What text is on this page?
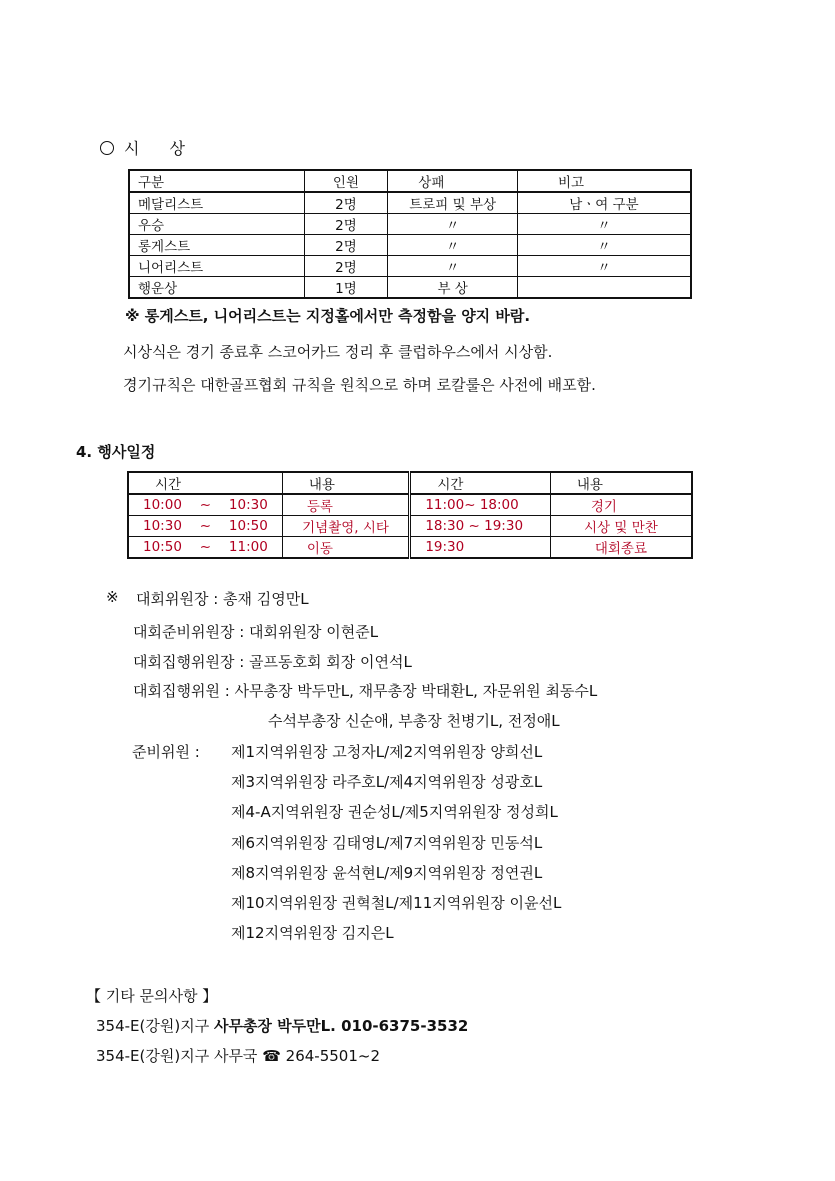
시 상
구분	인원	상패	비고
메달리스트	2명	트로피 및 부상	남ㆍ여 구분
우승	2명	〃	〃
롱게스트	2명	〃	〃
니어리스트	2명	〃	〃
행운상	1명	부 상	
※ 롱게스트, 니어리스트는 지정홀에서만 측정함을 양지 바람.
시상식은 경기 종료후 스코어카드 정리 후 클럽하우스에서 시상함.
경기규칙은 대한골프협회 규칙을 원칙으로 하며 로칼룰은 사전에 배포함.
4. 행사일정
시간	내용	시간	내용
10:00 ~ 10:30	등록	11:00~ 18:00	경기
10:30 ~ 10:50	기념촬영, 시타	18:30 ~ 19:30	시상 및 만찬
10:50 ~ 11:00	이동	19:30	대회종료
※ 대회위원장 : 총재 김영만L
대회준비위원장 : 대회위원장 이현준L
대회집행위원장 : 골프동호회 회장 이연석L
대회집행위원 : 사무총장 박두만L, 재무총장 박태환L, 자문위원 최동수L
수석부총장 신순애, 부총장 천병기L, 전정애L
준비위원 : 제1지역위원장 고청자L/제2지역위원장 양희선L
제3지역위원장 라주호L/제4지역위원장 성광호L
제4-A지역위원장 권순성L/제5지역위원장 정성희L
제6지역위원장 김태영L/제7지역위원장 민동석L
제8지역위원장 윤석현L/제9지역위원장 정연권L
제10지역위원장 권혁철L/제11지역위원장 이윤선L
제12지역위원장 김지은L
【 기타 문의사항 】
354-E(강원)지구 사무총장 박두만L. 010-6375-3532
354-E(강원)지구 사무국 ☎ 264-5501~2
